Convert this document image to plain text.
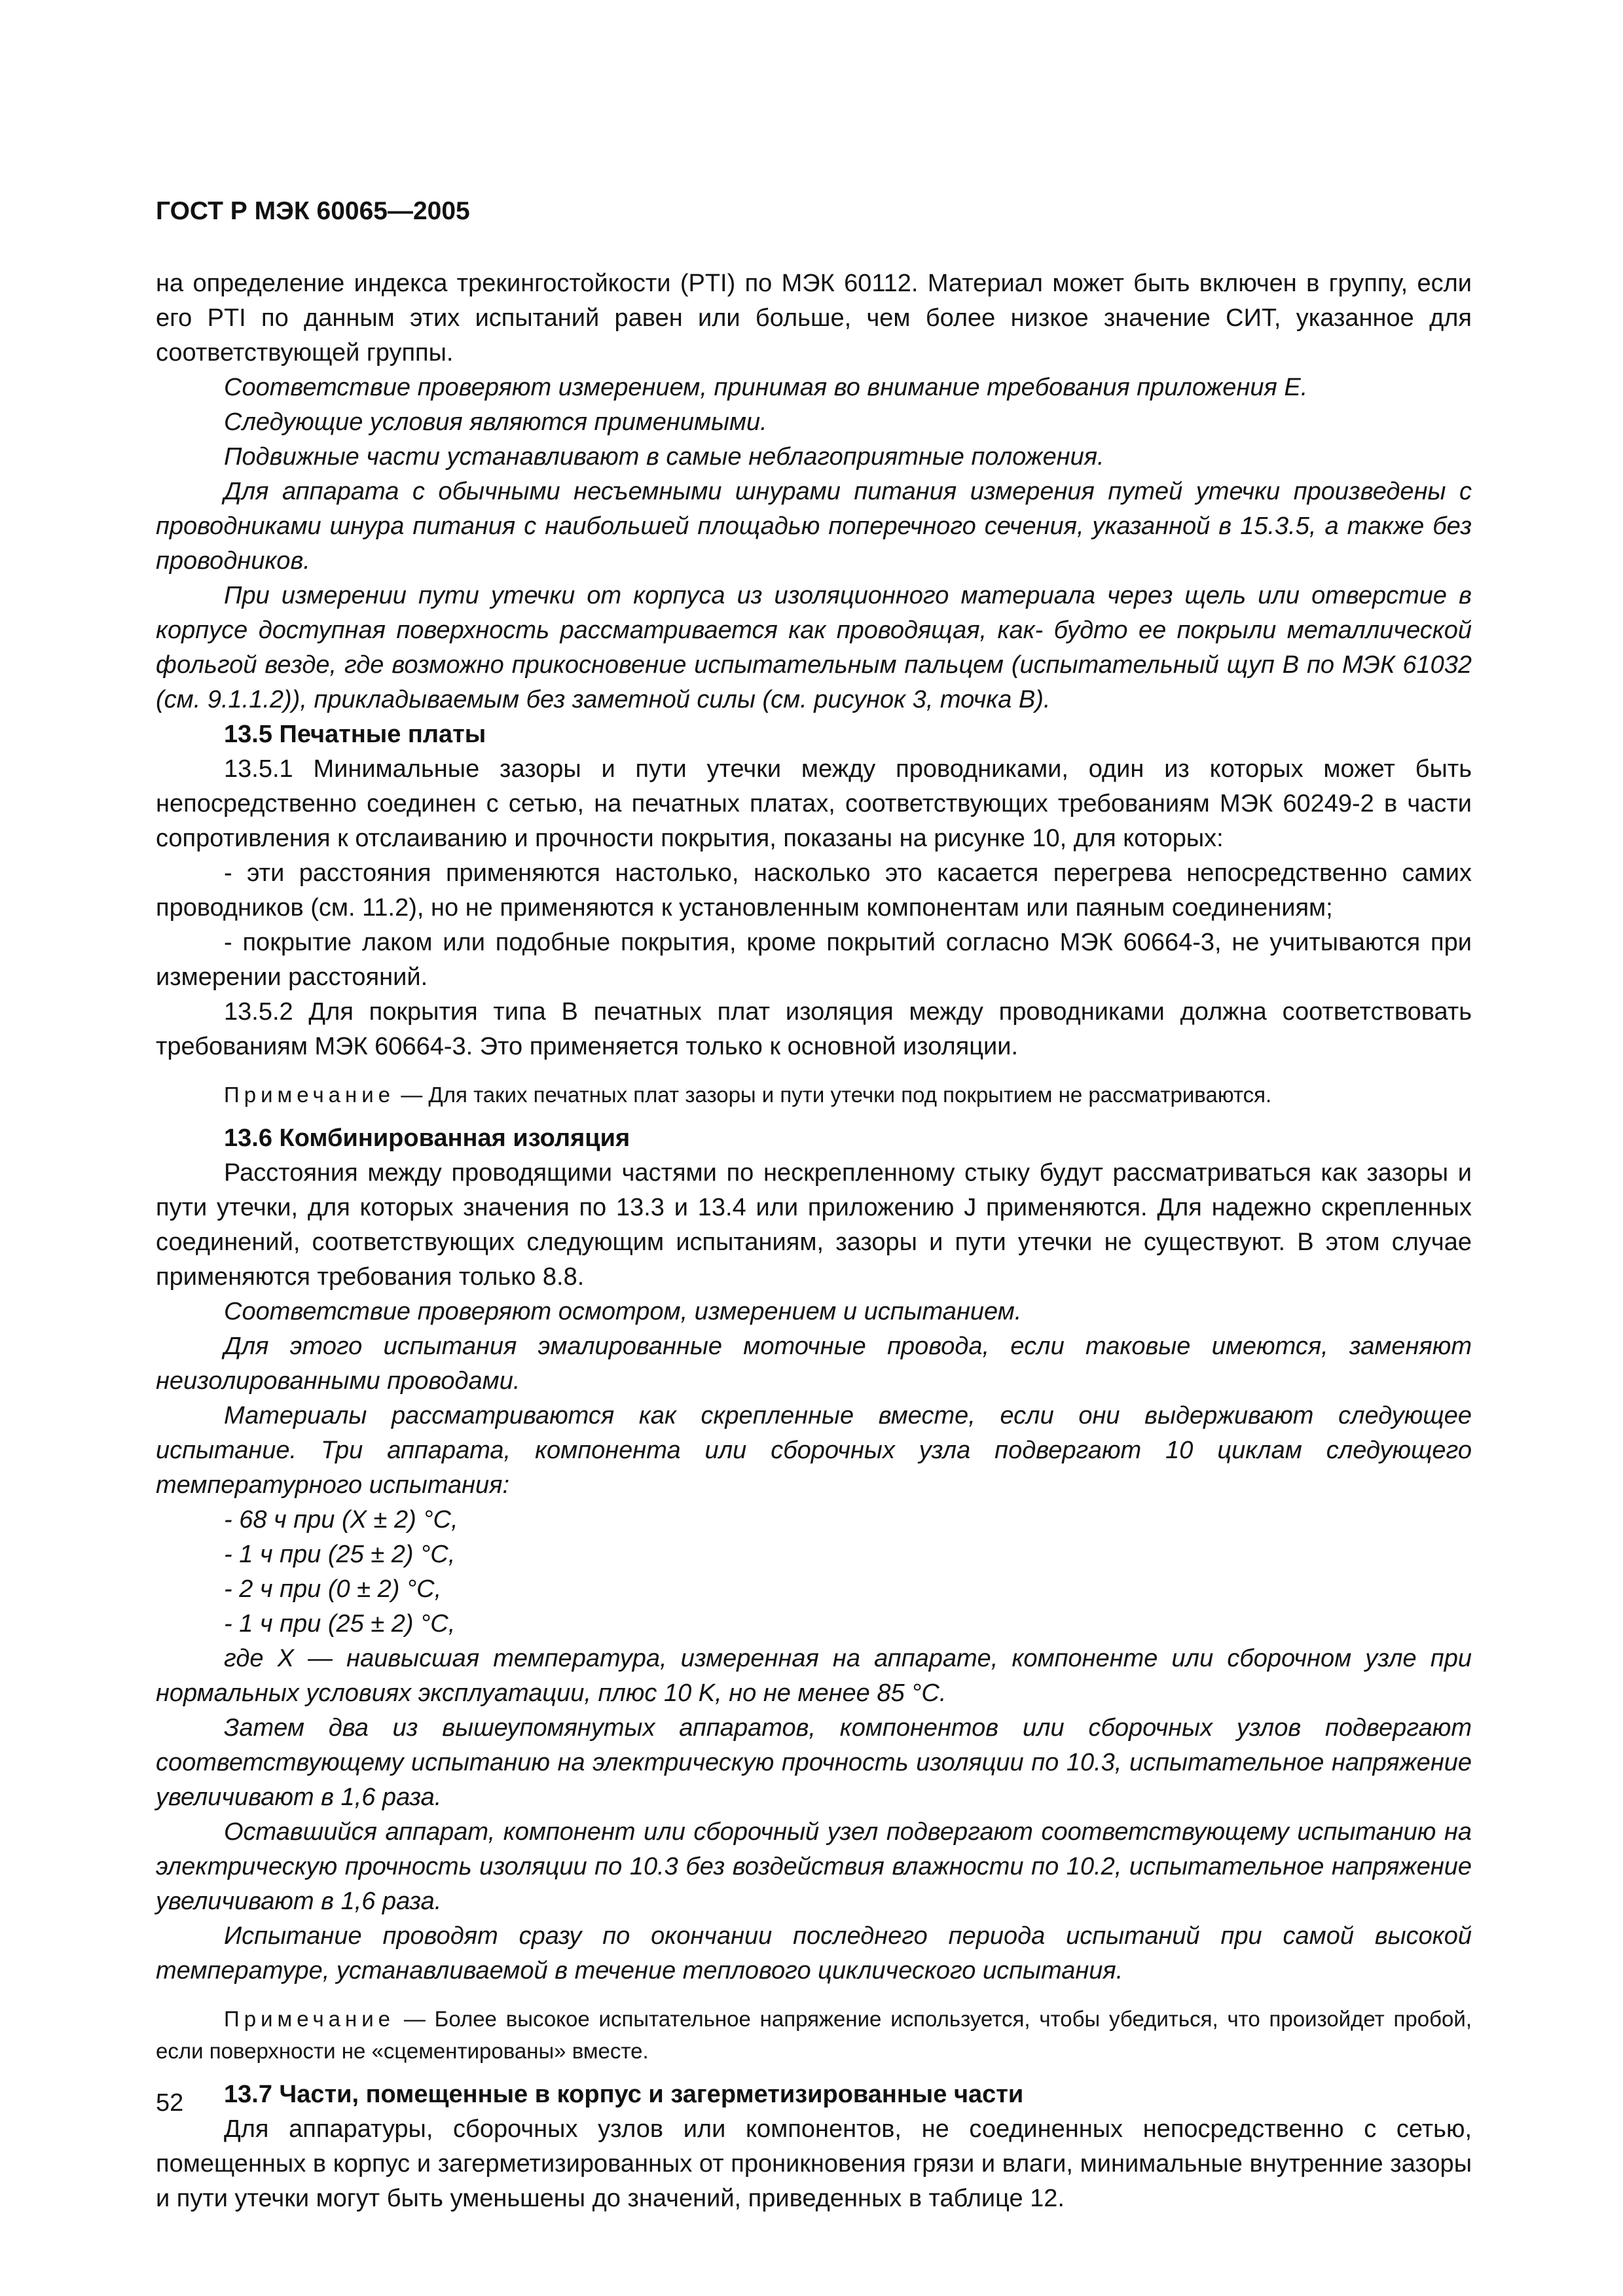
ГОСТ Р МЭК 60065—2005

на определение индекса трекингостойкости (PTI) по МЭК 60112. Материал может быть включен в группу, если его PTI по данным этих испытаний равен или больше, чем более низкое значение СИТ, указанное для соответствующей группы.

Соответствие проверяют измерением, принимая во внимание требования приложения E.

Следующие условия являются применимыми.

Подвижные части устанавливают в самые неблагоприятные положения.

Для аппарата с обычными несъемными шнурами питания измерения путей утечки произведены с проводниками шнура питания с наибольшей площадью поперечного сечения, указанной в 15.3.5, а также без проводников.

При измерении пути утечки от корпуса из изоляционного материала через щель или отверстие в корпусе доступная поверхность рассматривается как проводящая, как- будто ее покрыли металлической фольгой везде, где возможно прикосновение испытательным пальцем (испытательный щуп B по МЭК 61032 (см. 9.1.1.2)), прикладываемым без заметной силы (см. рисунок 3, точка B).

13.5 Печатные платы

13.5.1 Минимальные зазоры и пути утечки между проводниками, один из которых может быть непосредственно соединен с сетью, на печатных платах, соответствующих требованиям МЭК 60249-2 в части сопротивления к отслаиванию и прочности покрытия, показаны на рисунке 10, для которых:

- эти расстояния применяются настолько, насколько это касается перегрева непосредственно самих проводников (см. 11.2), но не применяются к установленным компонентам или паяным соединениям;

- покрытие лаком или подобные покрытия, кроме покрытий согласно МЭК 60664-3, не учитываются при измерении расстояний.

13.5.2 Для покрытия типа B печатных плат изоляция между проводниками должна соответствовать требованиям МЭК 60664-3. Это применяется только к основной изоляции.

Примечание — Для таких печатных плат зазоры и пути утечки под покрытием не рассматриваются.

13.6 Комбинированная изоляция

Расстояния между проводящими частями по нескрепленному стыку будут рассматриваться как зазоры и пути утечки, для которых значения по 13.3 и 13.4 или приложению J применяются. Для надежно скрепленных соединений, соответствующих следующим испытаниям, зазоры и пути утечки не существуют. В этом случае применяются требования только 8.8.

Соответствие проверяют осмотром, измерением и испытанием.

Для этого испытания эмалированные моточные провода, если таковые имеются, заменяют неизолированными проводами.

Материалы рассматриваются как скрепленные вместе, если они выдерживают следующее испытание. Три аппарата, компонента или сборочных узла подвергают 10 циклам следующего температурного испытания:

- 68 ч при (X ± 2) °С,

- 1 ч при (25 ± 2) °С,

- 2 ч при (0 ± 2) °С,

- 1 ч при (25 ± 2) °С,

где X — наивысшая температура, измеренная на аппарате, компоненте или сборочном узле при нормальных условиях эксплуатации, плюс 10 K, но не менее 85 °С.

Затем два из вышеупомянутых аппаратов, компонентов или сборочных узлов подвергают соответствующему испытанию на электрическую прочность изоляции по 10.3, испытательное напряжение увеличивают в 1,6 раза.

Оставшийся аппарат, компонент или сборочный узел подвергают соответствующему испытанию на электрическую прочность изоляции по 10.3 без воздействия влажности по 10.2, испытательное напряжение увеличивают в 1,6 раза.

Испытание проводят сразу по окончании последнего периода испытаний при самой высокой температуре, устанавливаемой в течение теплового циклического испытания.

Примечание — Более высокое испытательное напряжение используется, чтобы убедиться, что произойдет пробой, если поверхности не «сцементированы» вместе.

13.7 Части, помещенные в корпус и загерметизированные части

Для аппаратуры, сборочных узлов или компонентов, не соединенных непосредственно с сетью, помещенных в корпус и загерметизированных от проникновения грязи и влаги, минимальные внутренние зазоры и пути утечки могут быть уменьшены до значений, приведенных в таблице 12.

52
